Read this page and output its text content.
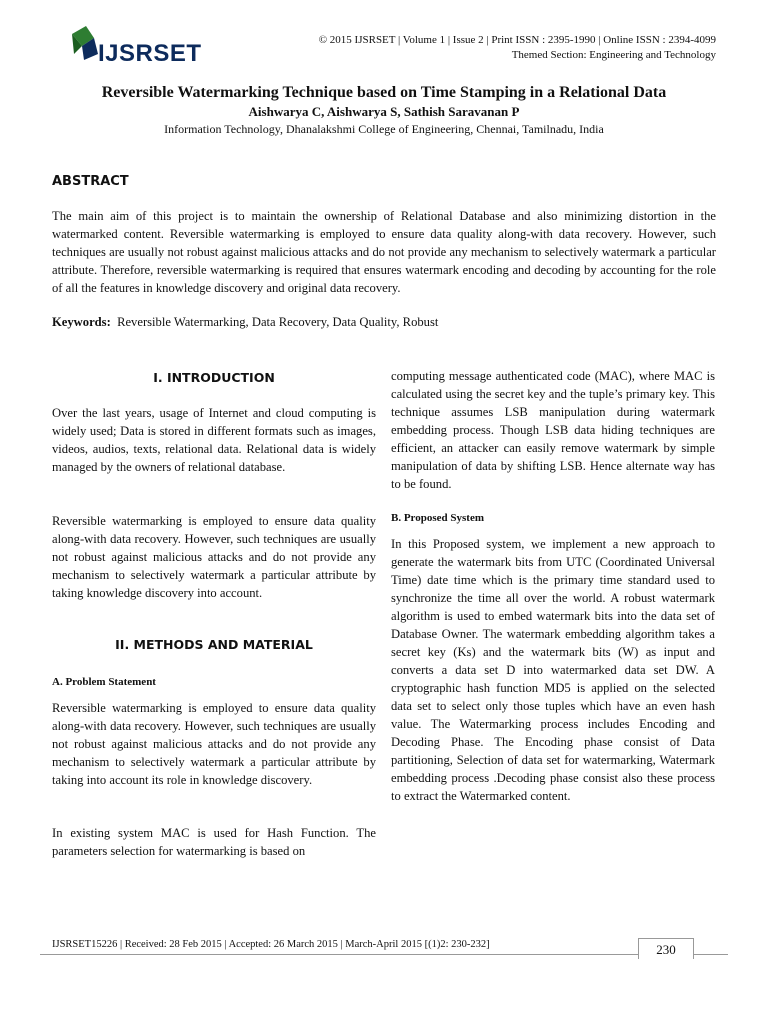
IJSRSET	© 2015 IJSRSET | Volume 1 | Issue 2 | Print ISSN : 2395-1990 | Online ISSN : 2394-4099
Themed Section: Engineering and Technology
Reversible Watermarking Technique based on Time Stamping in a Relational Data
Aishwarya C, Aishwarya S, Sathish Saravanan P
Information Technology, Dhanalakshmi College of Engineering, Chennai, Tamilnadu, India
ABSTRACT

The main aim of this project is to maintain the ownership of Relational Database and also minimizing distortion in the watermarked content. Reversible watermarking is employed to ensure data quality along-with data recovery. However, such techniques are usually not robust against malicious attacks and do not provide any mechanism to selectively watermark a particular attribute. Therefore, reversible watermarking is required that ensures watermark encoding and decoding by accounting for the role of all the features in knowledge discovery and original data recovery.

Keywords: Reversible Watermarking, Data Recovery, Data Quality, Robust
I. INTRODUCTION

Over the last years, usage of Internet and cloud computing is widely used; Data is stored in different formats such as images, videos, audios, texts, relational data. Relational data is widely managed by the owners of relational database.

Reversible watermarking is employed to ensure data quality along-with data recovery. However, such techniques are usually not robust against malicious attacks and do not provide any mechanism to selectively watermark a particular attribute by taking knowledge discovery into account.

II. METHODS AND MATERIAL
A. Problem Statement

Reversible watermarking is employed to ensure data quality along-with data recovery. However, such techniques are usually not robust against malicious attacks and do not provide any mechanism to selectively watermark a particular attribute by taking into account its role in knowledge discovery.

In existing system MAC is used for Hash Function. The parameters selection for watermarking is based on

computing message authenticated code (MAC), where MAC is calculated using the secret key and the tuple’s primary key. This technique assumes LSB manipulation during watermark embedding process. Though LSB data hiding techniques are efficient, an attacker can easily remove watermark by simple manipulation of data by shifting LSB. Hence alternate way has to be found.

B. Proposed System

In this Proposed system, we implement a new approach to generate the watermark bits from UTC (Coordinated Universal Time) date time which is the primary time standard used to synchronize the time all over the world. A robust watermark algorithm is used to embed watermark bits into the data set of Database Owner. The watermark embedding algorithm takes a secret key (Ks) and the watermark bits (W) as input and converts a data set D into watermarked data set DW. A cryptographic hash function MD5 is applied on the selected data set to select only those tuples which have an even hash value. The Watermarking process includes Encoding and Decoding Phase. The Encoding phase consist of Data partitioning, Selection of data set for watermarking, Watermark embedding process .Decoding phase consist also these process to extract the Watermarked content.

IJSRSET15226 | Received: 28 Feb 2015 | Accepted: 26 March 2015 | March-April 2015 [(1)2: 230-232]	230
